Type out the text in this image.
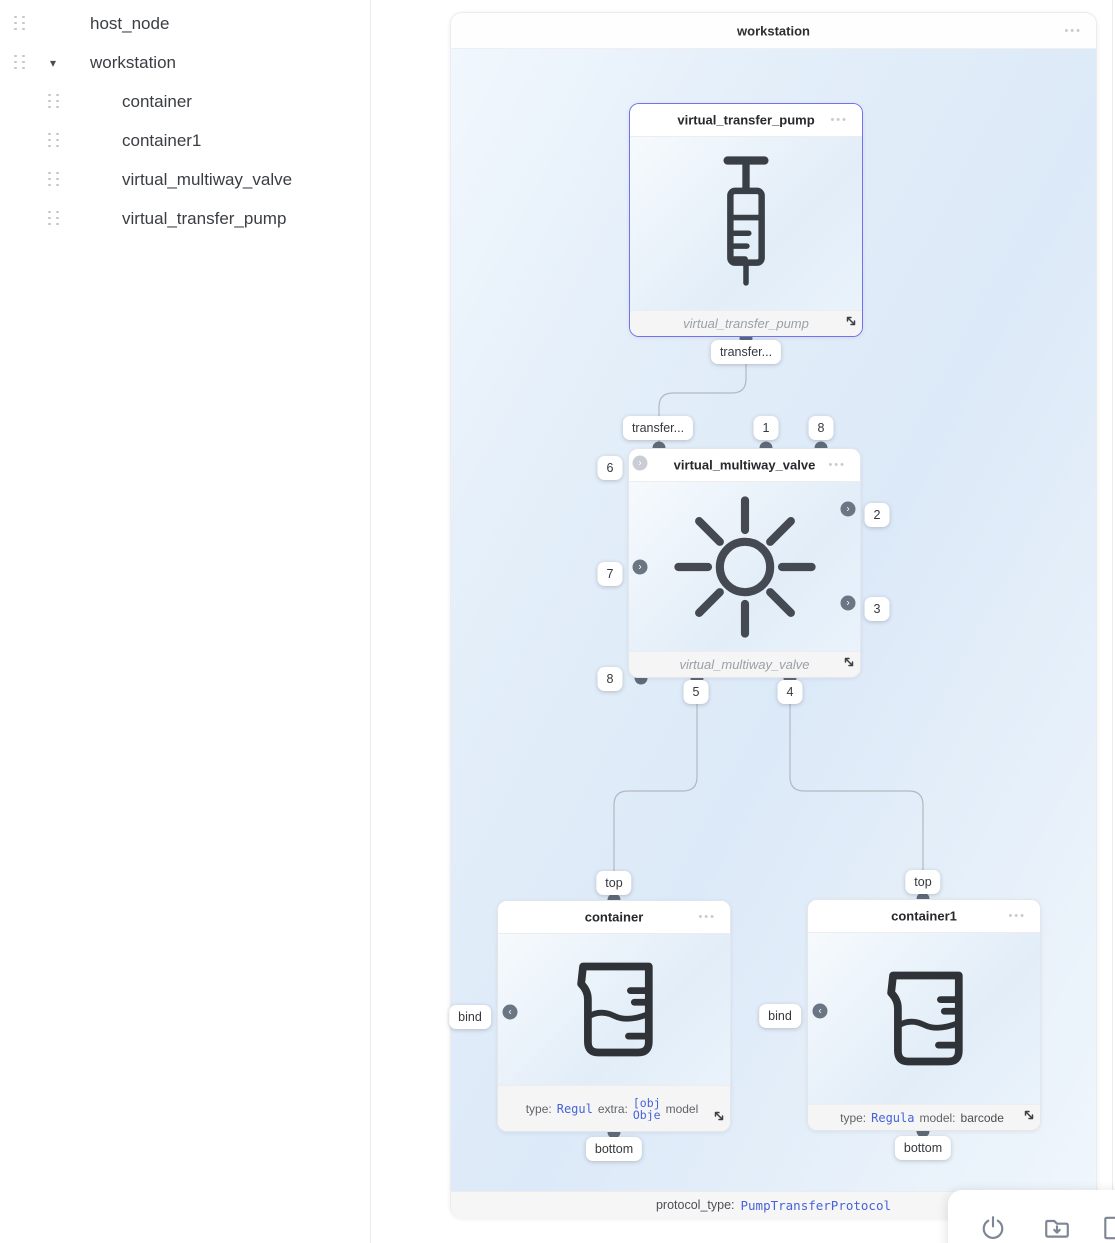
host_node
▾ workstation
container
container1
virtual_multiway_valve
virtual_transfer_pump
workstation	•••
virtual_transfer_pump •••
virtual_transfer_pump
virtual_multiway_valve •••
virtual_multiway_valve
›
›
›
›
container	•••
type: Regul extra: [obj
Obje model
‹
container1	•••
type: Regula model: barcode
‹
transfer...
transfer...	1	8
6
7
8
2
3
5	4
top
bind
bottom
top
bind
bottom
protocol_type: PumpTransferProtocol
